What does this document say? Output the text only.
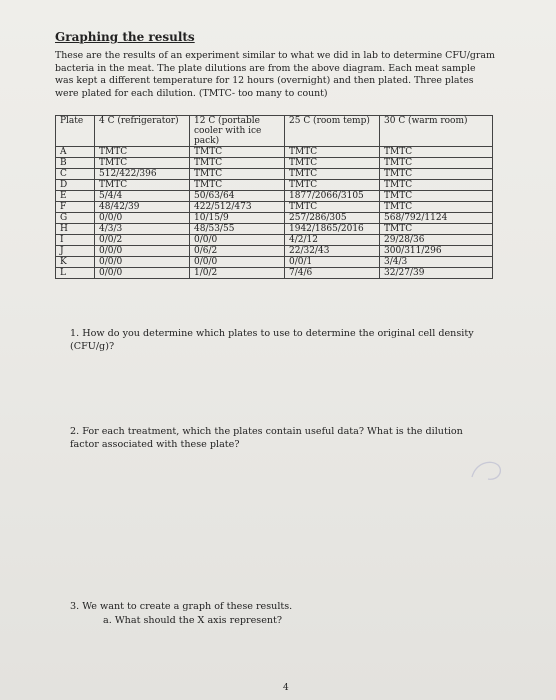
Graphing the results
These are the results of an experiment similar to what we did in lab to determine CFU/gram bacteria in the meat. The plate dilutions are from the above diagram. Each meat sample was kept a different temperature for 12 hours (overnight) and then plated. Three plates were plated for each dilution. (TMTC- too many to count)
Plate	4 C (refrigerator)	12 C (portable cooler with ice pack)	25 C (room temp)	30 C (warm room)
A	TMTC	TMTC	TMTC	TMTC
B	TMTC	TMTC	TMTC	TMTC
C	512/422/396	TMTC	TMTC	TMTC
D	TMTC	TMTC	TMTC	TMTC
E	5/4/4	50/63/64	1877/2066/3105	TMTC
F	48/42/39	422/512/473	TMTC	TMTC
G	0/0/0	10/15/9	257/286/305	568/792/1124
H	4/3/3	48/53/55	1942/1865/2016	TMTC
I	0/0/2	0/0/0	4/2/12	29/28/36
J	0/0/0	0/6/2	22/32/43	300/311/296
K	0/0/0	0/0/0	0/0/1	3/4/3
L	0/0/0	1/0/2	7/4/6	32/27/39
1. How do you determine which plates to use to determine the original cell density (CFU/g)?
2. For each treatment, which the plates contain useful data? What is the dilution factor associated with these plate?
3. We want to create a graph of these results.
a. What should the X axis represent?
4
